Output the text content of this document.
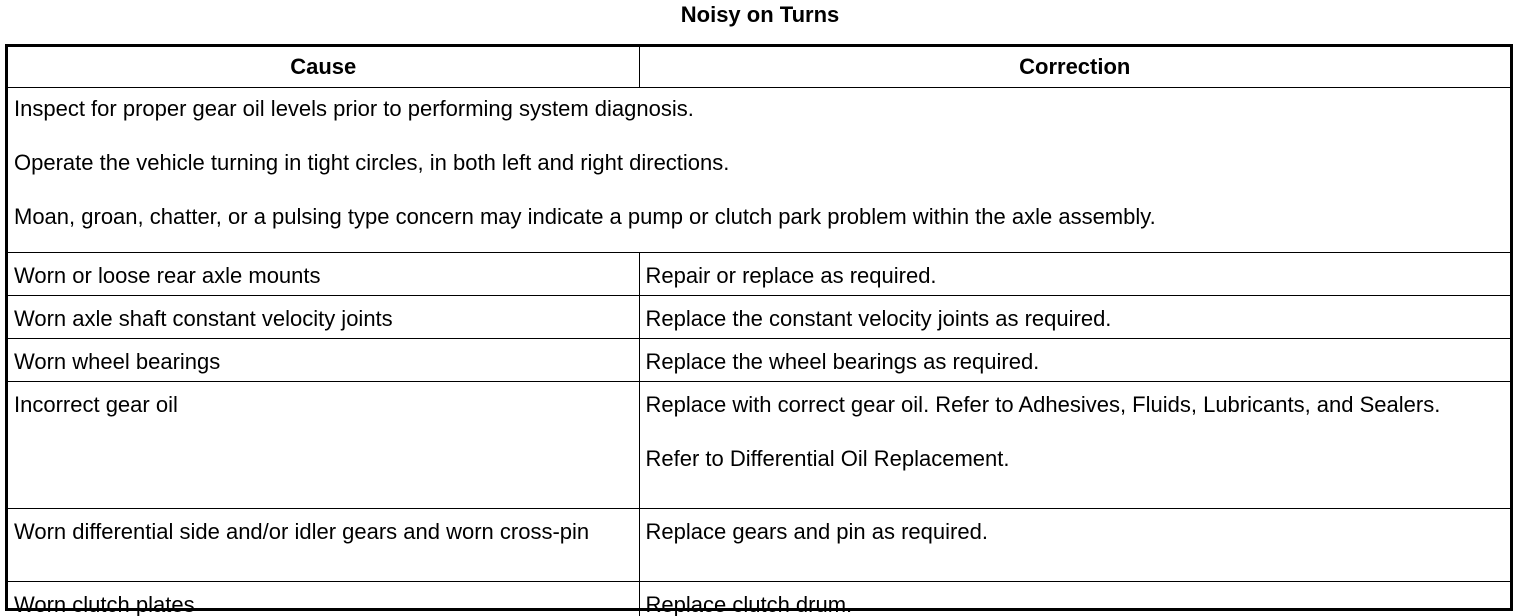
Noisy on Turns
Cause	Correction

Inspect for proper gear oil levels prior to performing system diagnosis.

Operate the vehicle turning in tight circles, in both left and right directions.

Moan, groan, chatter, or a pulsing type concern may indicate a pump or clutch park problem within the axle assembly.	

Worn or loose rear axle mounts	Repair or replace as required.

Worn axle shaft constant velocity joints	Replace the constant velocity joints as required.

Worn wheel bearings	Replace the wheel bearings as required.

Incorrect gear oil	Replace with correct gear oil. Refer to Adhesives, Fluids, Lubricants, and Sealers.

Refer to Differential Oil Replacement.

Worn differential side and/or idler gears and worn cross-pin	Replace gears and pin as required.

Worn clutch plates	Replace clutch drum.
